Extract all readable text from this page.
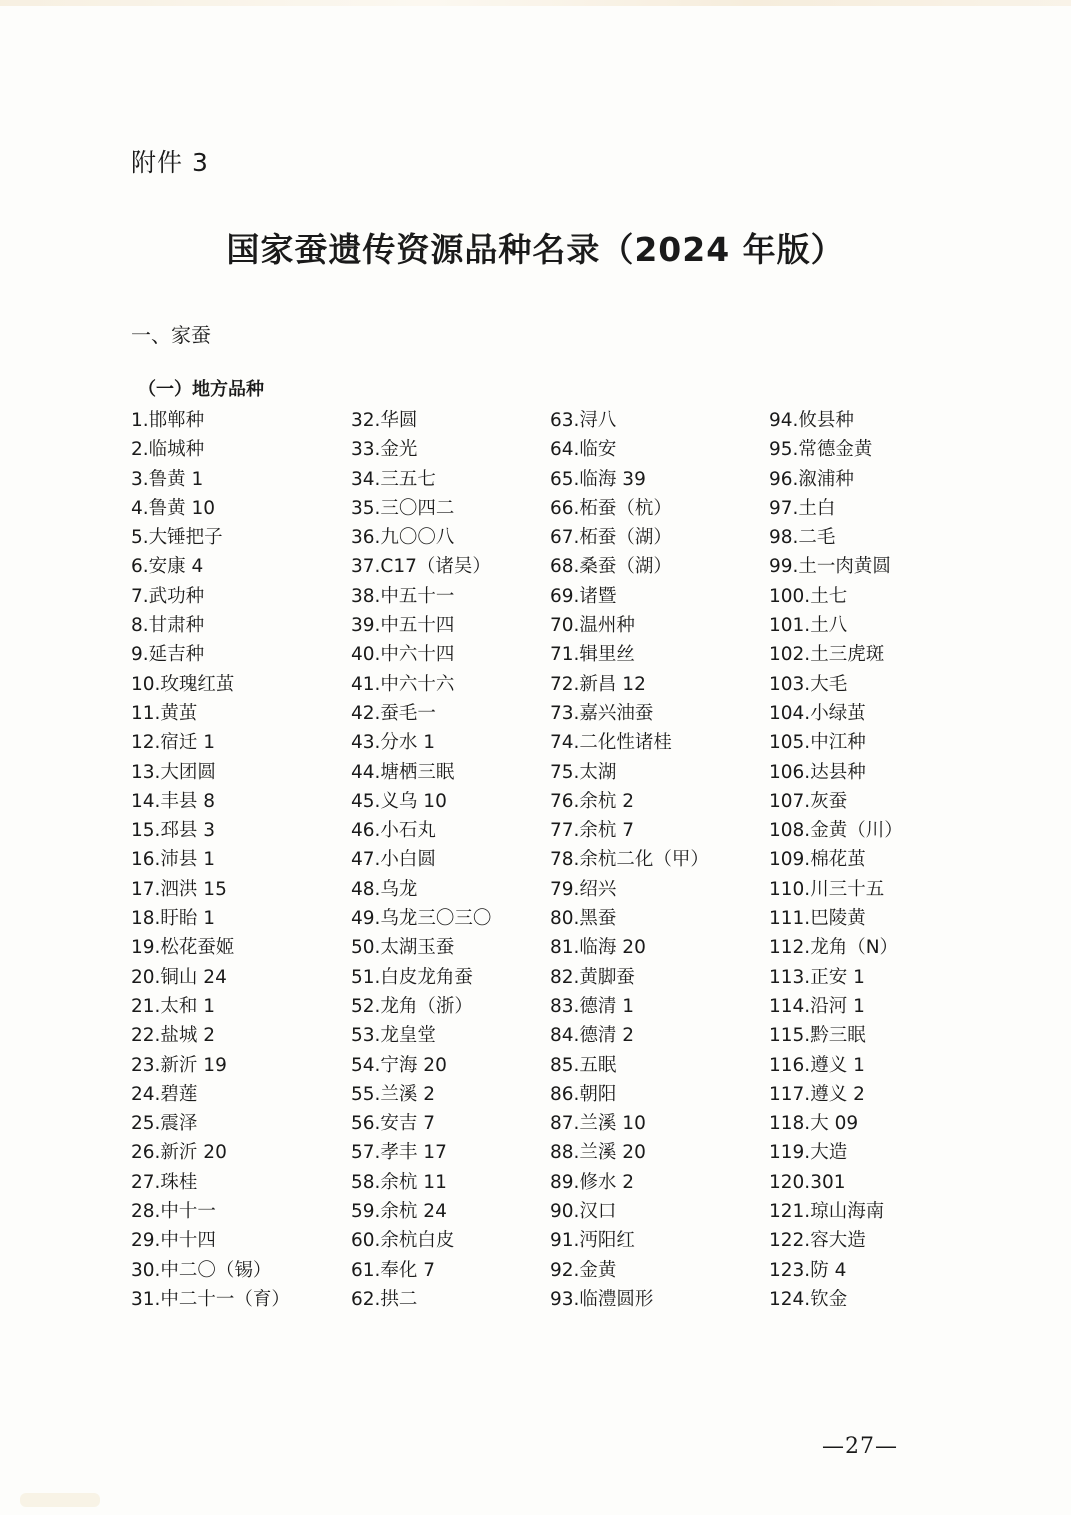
附件 3
国家蚕遗传资源品种名录（2024 年版）
一、家蚕
（一）地方品种
1.邯郸种
2.临城种
3.鲁黄 1
4.鲁黄 10
5.大锤把子
6.安康 4
7.武功种
8.甘肃种
9.延吉种
10.玫瑰红茧
11.黄茧
12.宿迁 1
13.大团圆
14.丰县 8
15.邳县 3
16.沛县 1
17.泗洪 15
18.盱眙 1
19.松花蚕姬
20.铜山 24
21.太和 1
22.盐城 2
23.新沂 19
24.碧莲
25.震泽
26.新沂 20
27.珠桂
28.中十一
29.中十四
30.中二〇（锡）
31.中二十一（育）
32.华圆
33.金光
34.三五七
35.三〇四二
36.九〇〇八
37.C17（诸吴）
38.中五十一
39.中五十四
40.中六十四
41.中六十六
42.蚕毛一
43.分水 1
44.塘栖三眠
45.义乌 10
46.小石丸
47.小白圆
48.乌龙
49.乌龙三〇三〇
50.太湖玉蚕
51.白皮龙角蚕
52.龙角（浙）
53.龙皇堂
54.宁海 20
55.兰溪 2
56.安吉 7
57.孝丰 17
58.余杭 11
59.余杭 24
60.余杭白皮
61.奉化 7
62.拱二
63.浔八
64.临安
65.临海 39
66.柘蚕（杭）
67.柘蚕（湖）
68.桑蚕（湖）
69.诸暨
70.温州种
71.辑里丝
72.新昌 12
73.嘉兴油蚕
74.二化性诸桂
75.太湖
76.余杭 2
77.余杭 7
78.余杭二化（甲）
79.绍兴
80.黑蚕
81.临海 20
82.黄脚蚕
83.德清 1
84.德清 2
85.五眠
86.朝阳
87.兰溪 10
88.兰溪 20
89.修水 2
90.汉口
91.沔阳红
92.金黄
93.临澧圆形
94.攸县种
95.常德金黄
96.溆浦种
97.土白
98.二毛
99.土一肉黄圆
100.土七
101.土八
102.土三虎斑
103.大毛
104.小绿茧
105.中江种
106.达县种
107.灰蚕
108.金黄（川）
109.棉花茧
110.川三十五
111.巴陵黄
112.龙角（N）
113.正安 1
114.沿河 1
115.黔三眠
116.遵义 1
117.遵义 2
118.大 09
119.大造
120.301
121.琼山海南
122.容大造
123.防 4
124.钦金
—27—
